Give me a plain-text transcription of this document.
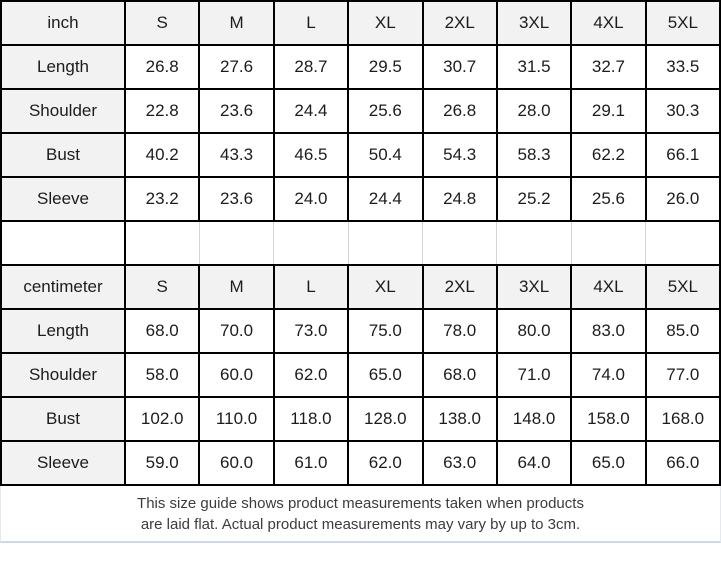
inch	S	M	L	XL	2XL	3XL	4XL	5XL
Length	26.8	27.6	28.7	29.5	30.7	31.5	32.7	33.5
Shoulder	22.8	23.6	24.4	25.6	26.8	28.0	29.1	30.3
Bust	40.2	43.3	46.5	50.4	54.3	58.3	62.2	66.1
Sleeve	23.2	23.6	24.0	24.4	24.8	25.2	25.6	26.0

centimeter	S	M	L	XL	2XL	3XL	4XL	5XL
Length	68.0	70.0	73.0	75.0	78.0	80.0	83.0	85.0
Shoulder	58.0	60.0	62.0	65.0	68.0	71.0	74.0	77.0
Bust	102.0	110.0	118.0	128.0	138.0	148.0	158.0	168.0
Sleeve	59.0	60.0	61.0	62.0	63.0	64.0	65.0	66.0
This size guide shows product measurements taken when products
are laid flat. Actual product measurements may vary by up to 3cm.
